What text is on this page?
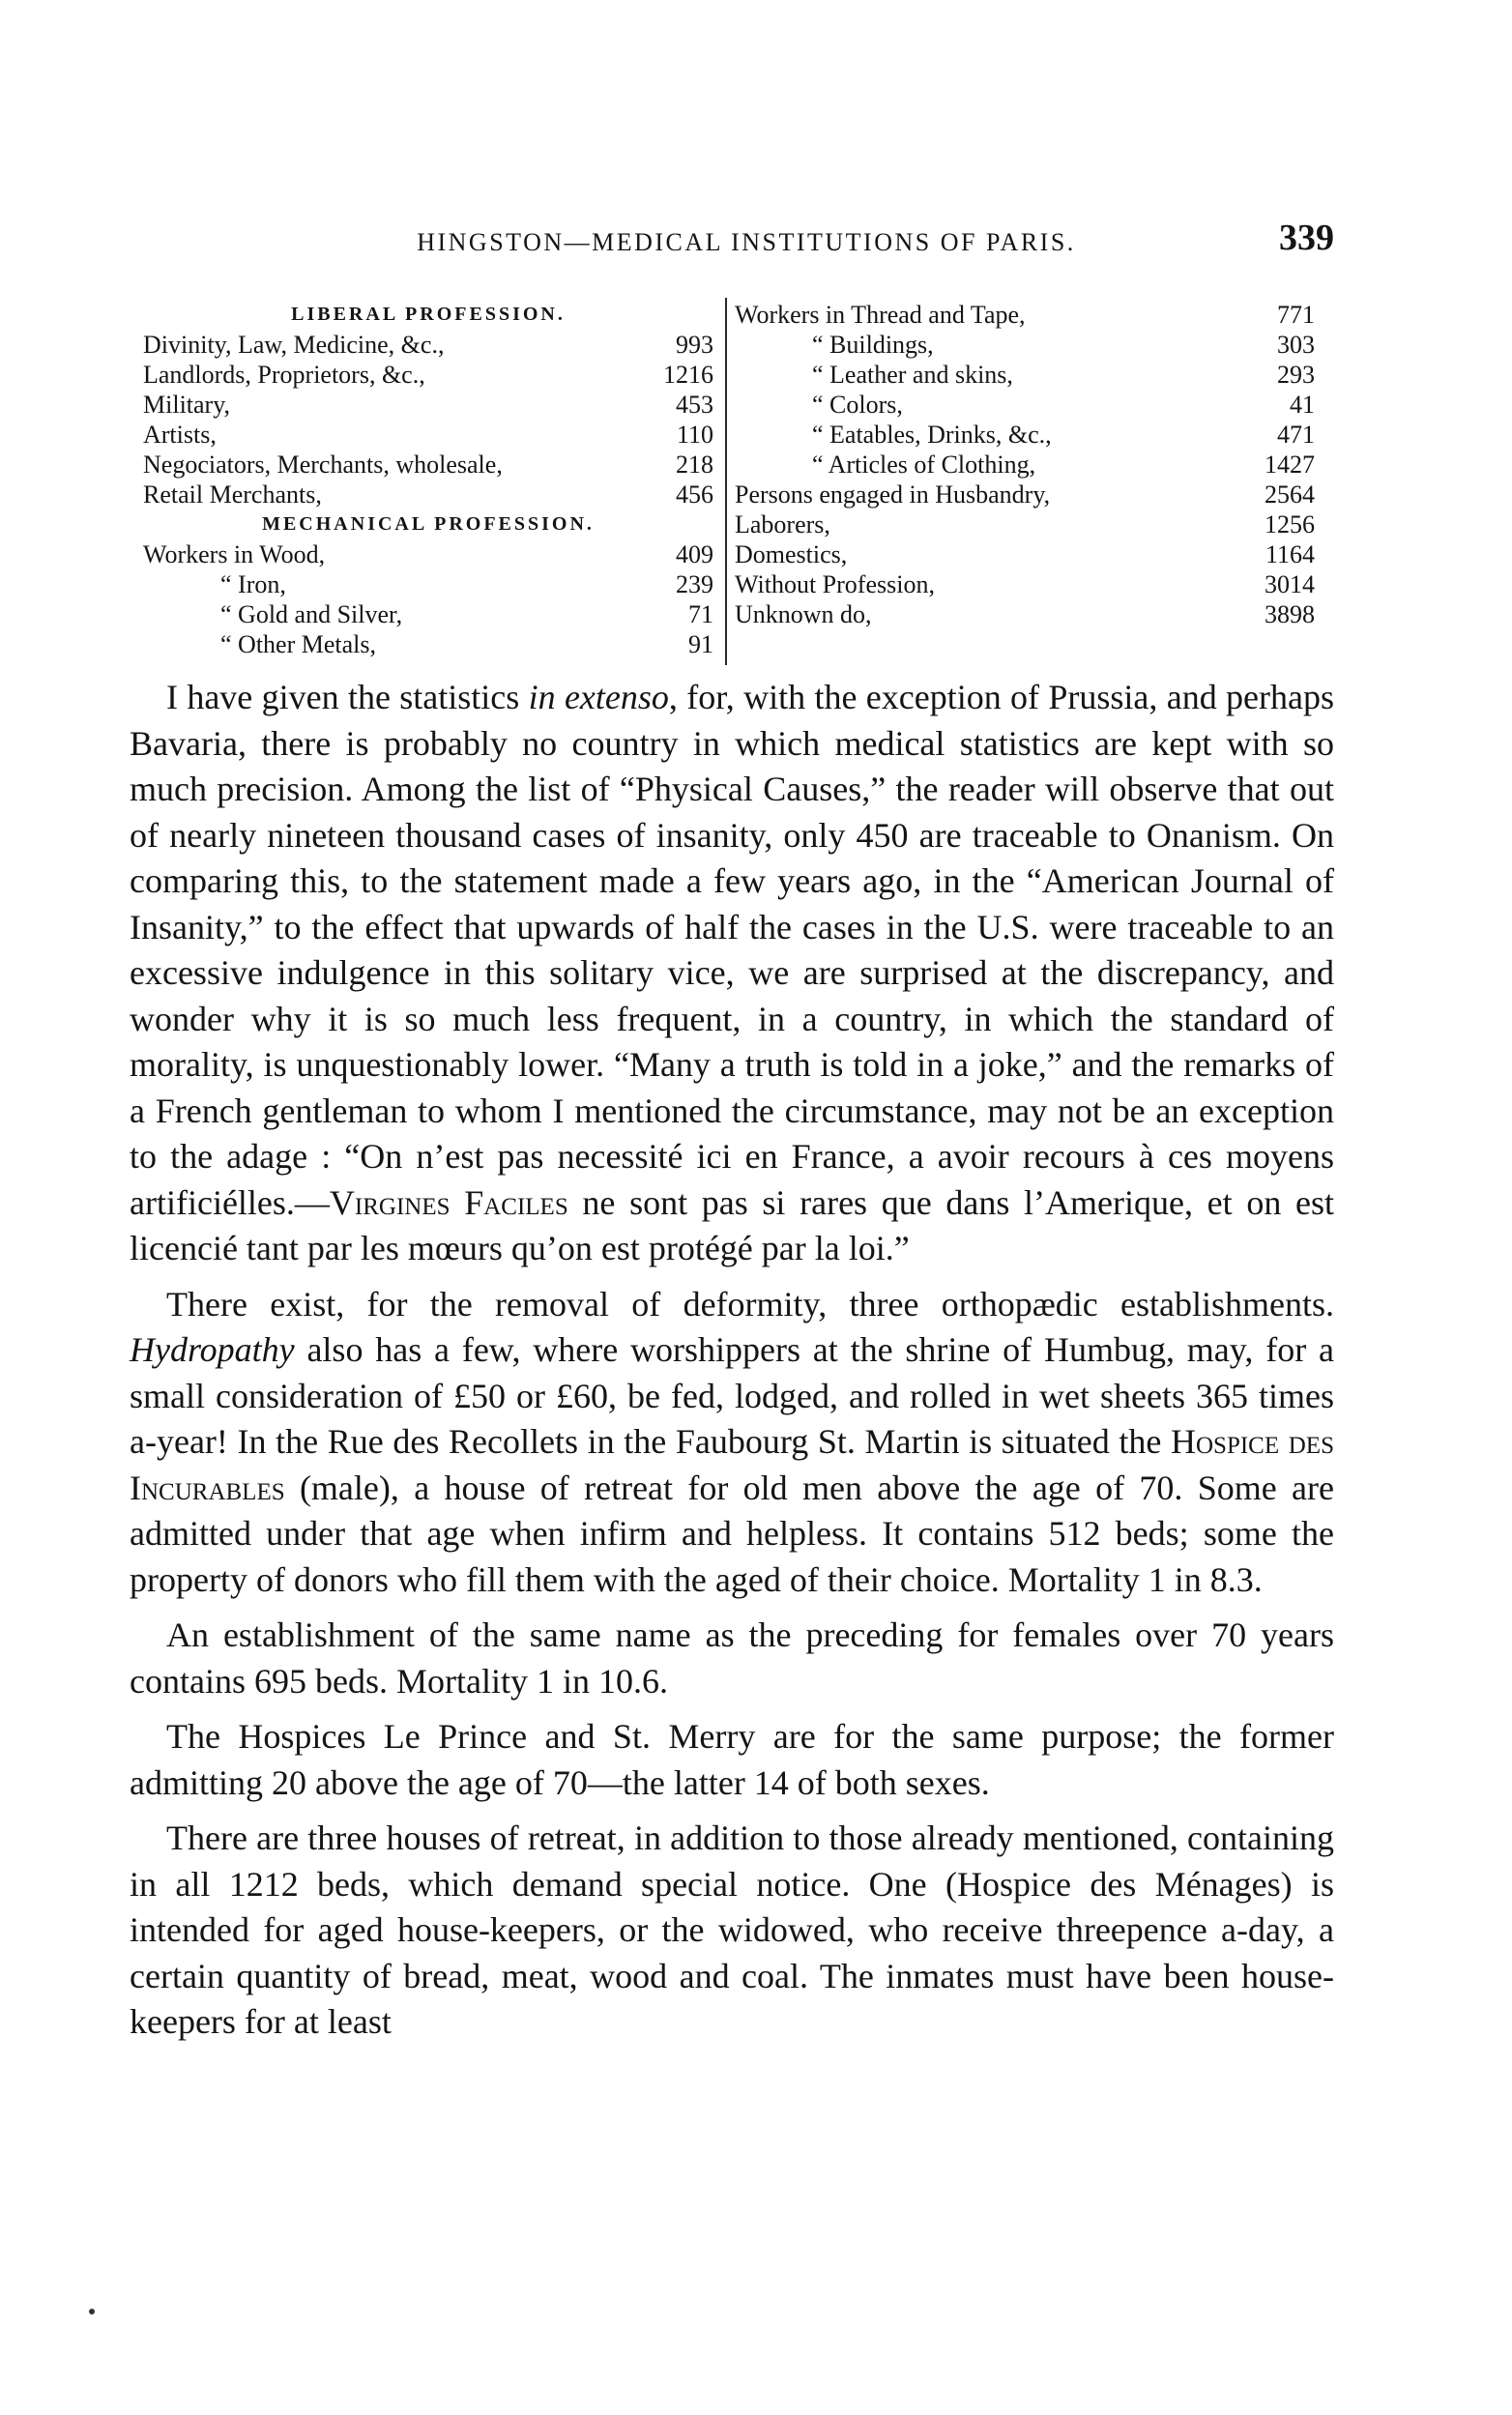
HINGSTON—MEDICAL INSTITUTIONS OF PARIS.	339
LIBERAL PROFESSION.
Divinity, Law, Medicine, &c.,	993
Landlords, Proprietors, &c.,	1216
Military,	453
Artists,	110
Negociators, Merchants, wholesale,	218
Retail Merchants,	456
MECHANICAL PROFESSION.
Workers in Wood,	409
“ Iron,	239
“ Gold and Silver,	71
“ Other Metals,	91
Workers in Thread and Tape,	771
“ Buildings,	303
“ Leather and skins,	293
“ Colors,	41
“ Eatables, Drinks, &c.,	471
“ Articles of Clothing,	1427
Persons engaged in Husbandry,	2564
Laborers,	1256
Domestics,	1164
Without Profession,	3014
Unknown do,	3898

I have given the statistics in extenso, for, with the exception of Prussia, and perhaps Bavaria, there is probably no country in which medical statistics are kept with so much precision. Among the list of “Physical Causes,” the reader will observe that out of nearly nineteen thousand cases of insanity, only 450 are traceable to Onanism. On comparing this, to the statement made a few years ago, in the “American Journal of Insanity,” to the effect that upwards of half the cases in the U.S. were traceable to an excessive indulgence in this solitary vice, we are surprised at the discrepancy, and wonder why it is so much less frequent, in a country, in which the standard of morality, is unquestionably lower. “Many a truth is told in a joke,” and the remarks of a French gentleman to whom I mentioned the circumstance, may not be an exception to the adage : “On n’est pas necessité ici en France, a avoir recours à ces moyens artificiélles.—Virgines Faciles ne sont pas si rares que dans l’Amerique, et on est licencié tant par les mœurs qu’on est protégé par la loi.”

There exist, for the removal of deformity, three orthopædic establishments. Hydropathy also has a few, where worshippers at the shrine of Humbug, may, for a small consideration of £50 or £60, be fed, lodged, and rolled in wet sheets 365 times a-year! In the Rue des Recollets in the Faubourg St. Martin is situated the Hospice des Incurables (male), a house of retreat for old men above the age of 70. Some are admitted under that age when infirm and helpless. It contains 512 beds; some the property of donors who fill them with the aged of their choice. Mortality 1 in 8.3.

An establishment of the same name as the preceding for females over 70 years contains 695 beds. Mortality 1 in 10.6.

The Hospices Le Prince and St. Merry are for the same purpose; the former admitting 20 above the age of 70—the latter 14 of both sexes.

There are three houses of retreat, in addition to those already mentioned, containing in all 1212 beds, which demand special notice. One (Hospice des Ménages) is intended for aged house-keepers, or the widowed, who receive threepence a-day, a certain quantity of bread, meat, wood and coal. The inmates must have been house-keepers for at least
